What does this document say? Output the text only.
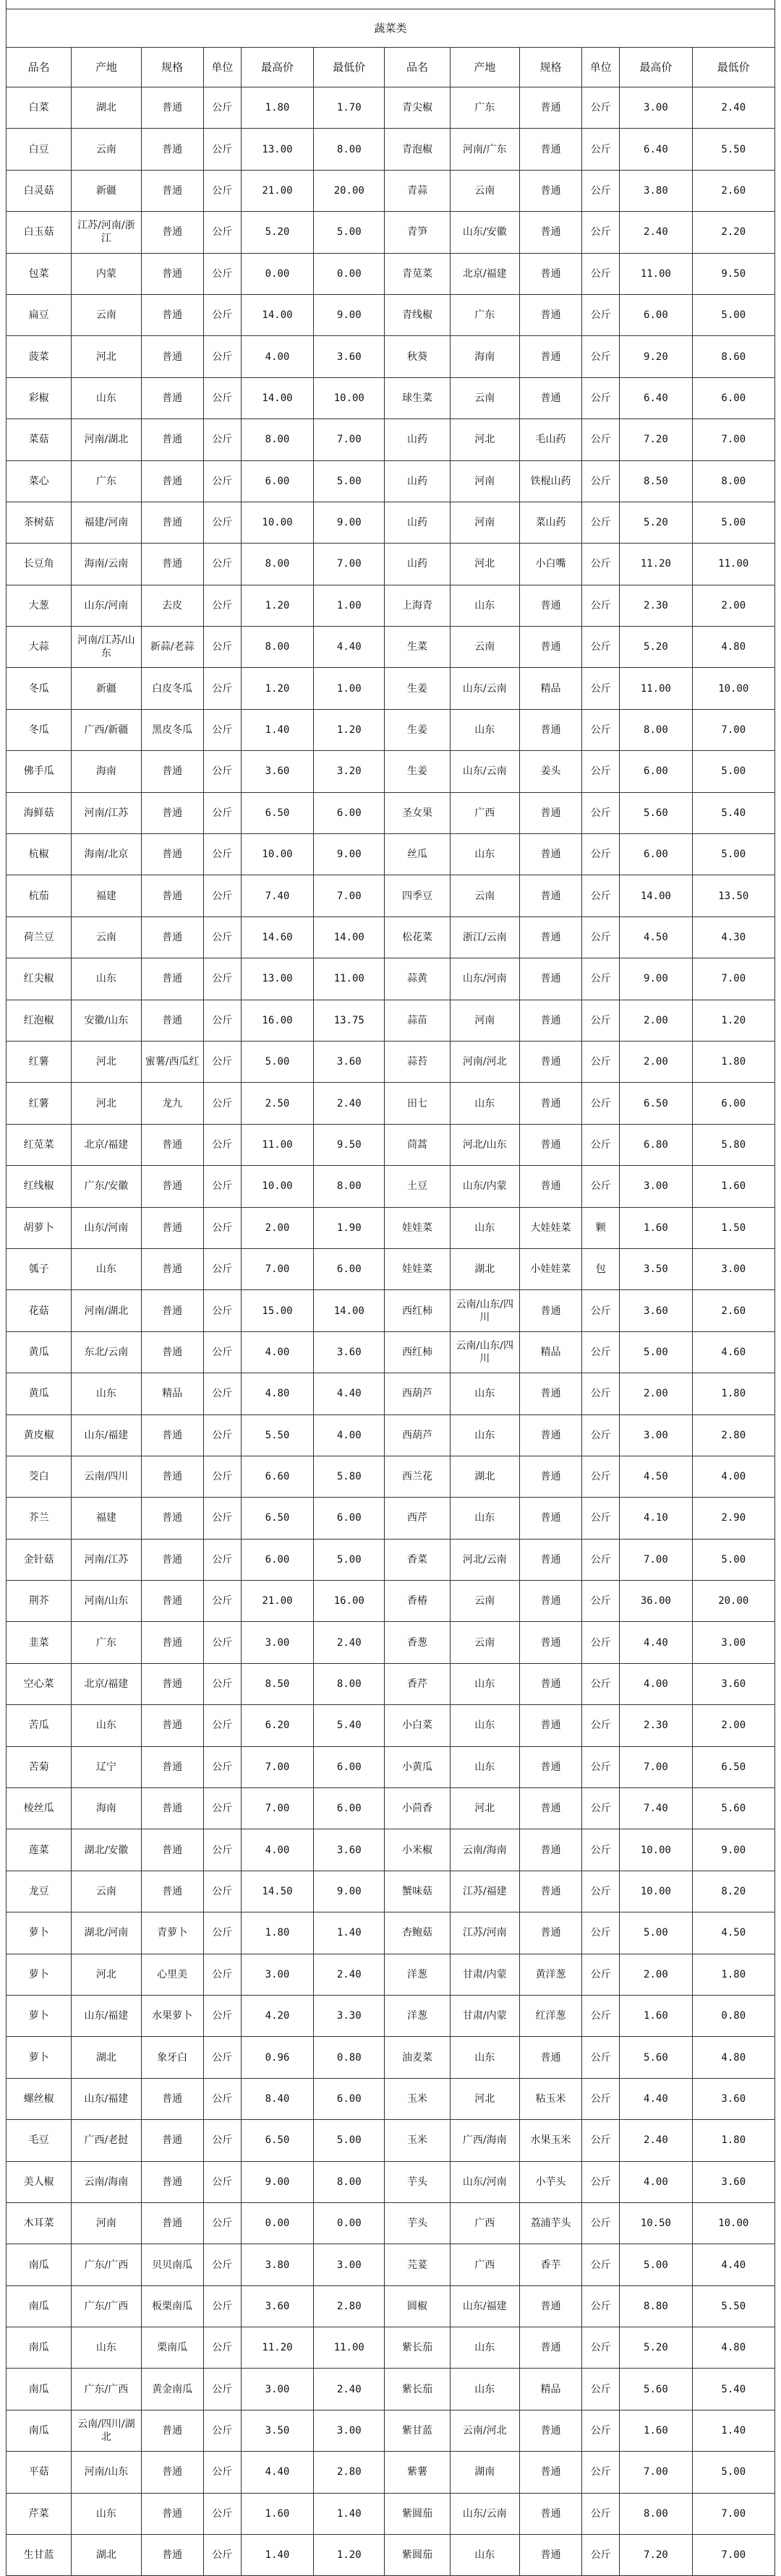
蔬菜类											
品名	产地	规格	单位	最高价	最低价	品名	产地	规格	单位	最高价	最低价
白菜	湖北	普通	公斤	1.80	1.70	青尖椒	广东	普通	公斤	3.00	2.40
白豆	云南	普通	公斤	13.00	8.00	青泡椒	河南/广东	普通	公斤	6.40	5.50
白灵菇	新疆	普通	公斤	21.00	20.00	青蒜	云南	普通	公斤	3.80	2.60
白玉菇	江苏/河南/浙江	普通	公斤	5.20	5.00	青笋	山东/安徽	普通	公斤	2.40	2.20
包菜	内蒙	普通	公斤	0.00	0.00	青苋菜	北京/福建	普通	公斤	11.00	9.50
扁豆	云南	普通	公斤	14.00	9.00	青线椒	广东	普通	公斤	6.00	5.00
菠菜	河北	普通	公斤	4.00	3.60	秋葵	海南	普通	公斤	9.20	8.60
彩椒	山东	普通	公斤	14.00	10.00	球生菜	云南	普通	公斤	6.40	6.00
菜菇	河南/湖北	普通	公斤	8.00	7.00	山药	河北	毛山药	公斤	7.20	7.00
菜心	广东	普通	公斤	6.00	5.00	山药	河南	铁棍山药	公斤	8.50	8.00
茶树菇	福建/河南	普通	公斤	10.00	9.00	山药	河南	菜山药	公斤	5.20	5.00
长豆角	海南/云南	普通	公斤	8.00	7.00	山药	河北	小白嘴	公斤	11.20	11.00
大葱	山东/河南	去皮	公斤	1.20	1.00	上海青	山东	普通	公斤	2.30	2.00
大蒜	河南/江苏/山东	新蒜/老蒜	公斤	8.00	4.40	生菜	云南	普通	公斤	5.20	4.80
冬瓜	新疆	白皮冬瓜	公斤	1.20	1.00	生姜	山东/云南	精品	公斤	11.00	10.00
冬瓜	广西/新疆	黑皮冬瓜	公斤	1.40	1.20	生姜	山东	普通	公斤	8.00	7.00
佛手瓜	海南	普通	公斤	3.60	3.20	生姜	山东/云南	姜头	公斤	6.00	5.00
海鲜菇	河南/江苏	普通	公斤	6.50	6.00	圣女果	广西	普通	公斤	5.60	5.40
杭椒	海南/北京	普通	公斤	10.00	9.00	丝瓜	山东	普通	公斤	6.00	5.00
杭茄	福建	普通	公斤	7.40	7.00	四季豆	云南	普通	公斤	14.00	13.50
荷兰豆	云南	普通	公斤	14.60	14.00	松花菜	浙江/云南	普通	公斤	4.50	4.30
红尖椒	山东	普通	公斤	13.00	11.00	蒜黄	山东/河南	普通	公斤	9.00	7.00
红泡椒	安徽/山东	普通	公斤	16.00	13.75	蒜苗	河南	普通	公斤	2.00	1.20
红薯	河北	蜜薯/西瓜红	公斤	5.00	3.60	蒜苔	河南/河北	普通	公斤	2.00	1.80
红薯	河北	龙九	公斤	2.50	2.40	田七	山东	普通	公斤	6.50	6.00
红苋菜	北京/福建	普通	公斤	11.00	9.50	茼蒿	河北/山东	普通	公斤	6.80	5.80
红线椒	广东/安徽	普通	公斤	10.00	8.00	土豆	山东/内蒙	普通	公斤	3.00	1.60
胡萝卜	山东/河南	普通	公斤	2.00	1.90	娃娃菜	山东	大娃娃菜	颗	1.60	1.50
瓠子	山东	普通	公斤	7.00	6.00	娃娃菜	湖北	小娃娃菜	包	3.50	3.00
花菇	河南/湖北	普通	公斤	15.00	14.00	西红柿	云南/山东/四川	普通	公斤	3.60	2.60
黄瓜	东北/云南	普通	公斤	4.00	3.60	西红柿	云南/山东/四川	精品	公斤	5.00	4.60
黄瓜	山东	精品	公斤	4.80	4.40	西葫芦	山东	普通	公斤	2.00	1.80
黄皮椒	山东/福建	普通	公斤	5.50	4.00	西葫芦	山东	普通	公斤	3.00	2.80
茭白	云南/四川	普通	公斤	6.60	5.80	西兰花	湖北	普通	公斤	4.50	4.00
芥兰	福建	普通	公斤	6.50	6.00	西芹	山东	普通	公斤	4.10	2.90
金针菇	河南/江苏	普通	公斤	6.00	5.00	香菜	河北/云南	普通	公斤	7.00	5.00
荆芥	河南/山东	普通	公斤	21.00	16.00	香椿	云南	普通	公斤	36.00	20.00
韭菜	广东	普通	公斤	3.00	2.40	香葱	云南	普通	公斤	4.40	3.00
空心菜	北京/福建	普通	公斤	8.50	8.00	香芹	山东	普通	公斤	4.00	3.60
苦瓜	山东	普通	公斤	6.20	5.40	小白菜	山东	普通	公斤	2.30	2.00
苦菊	辽宁	普通	公斤	7.00	6.00	小黄瓜	山东	普通	公斤	7.00	6.50
棱丝瓜	海南	普通	公斤	7.00	6.00	小茴香	河北	普通	公斤	7.40	5.60
莲菜	湖北/安徽	普通	公斤	4.00	3.60	小米椒	云南/海南	普通	公斤	10.00	9.00
龙豆	云南	普通	公斤	14.50	9.00	蟹味菇	江苏/福建	普通	公斤	10.00	8.20
萝卜	湖北/河南	青萝卜	公斤	1.80	1.40	杏鲍菇	江苏/河南	普通	公斤	5.00	4.50
萝卜	河北	心里美	公斤	3.00	2.40	洋葱	甘肃/内蒙	黄洋葱	公斤	2.00	1.80
萝卜	山东/福建	水果萝卜	公斤	4.20	3.30	洋葱	甘肃/内蒙	红洋葱	公斤	1.60	0.80
萝卜	湖北	象牙白	公斤	0.96	0.80	油麦菜	山东	普通	公斤	5.60	4.80
螺丝椒	山东/福建	普通	公斤	8.40	6.00	玉米	河北	粘玉米	公斤	4.40	3.60
毛豆	广西/老挝	普通	公斤	6.50	5.00	玉米	广西/海南	水果玉米	公斤	2.40	1.80
美人椒	云南/海南	普通	公斤	9.00	8.00	芋头	山东/河南	小芋头	公斤	4.00	3.60
木耳菜	河南	普通	公斤	0.00	0.00	芋头	广西	荔浦芋头	公斤	10.50	10.00
南瓜	广东/广西	贝贝南瓜	公斤	3.80	3.00	芫荽	广西	香芋	公斤	5.00	4.40
南瓜	广东/广西	板栗南瓜	公斤	3.60	2.80	圆椒	山东/福建	普通	公斤	8.80	5.50
南瓜	山东	栗南瓜	公斤	11.20	11.00	紫长茄	山东	普通	公斤	5.20	4.80
南瓜	广东/广西	黄金南瓜	公斤	3.00	2.40	紫长茄	山东	精品	公斤	5.60	5.40
南瓜	云南/四川/湖北	普通	公斤	3.50	3.00	紫甘蓝	云南/河北	普通	公斤	1.60	1.40
平菇	河南/山东	普通	公斤	4.40	2.80	紫薯	湖南	普通	公斤	7.00	5.00
芹菜	山东	普通	公斤	1.60	1.40	紫圆茄	山东/云南	普通	公斤	8.00	7.00
生甘蓝	湖北	普通	公斤	1.40	1.20	紫圆茄	山东	普通	公斤	7.20	7.00
